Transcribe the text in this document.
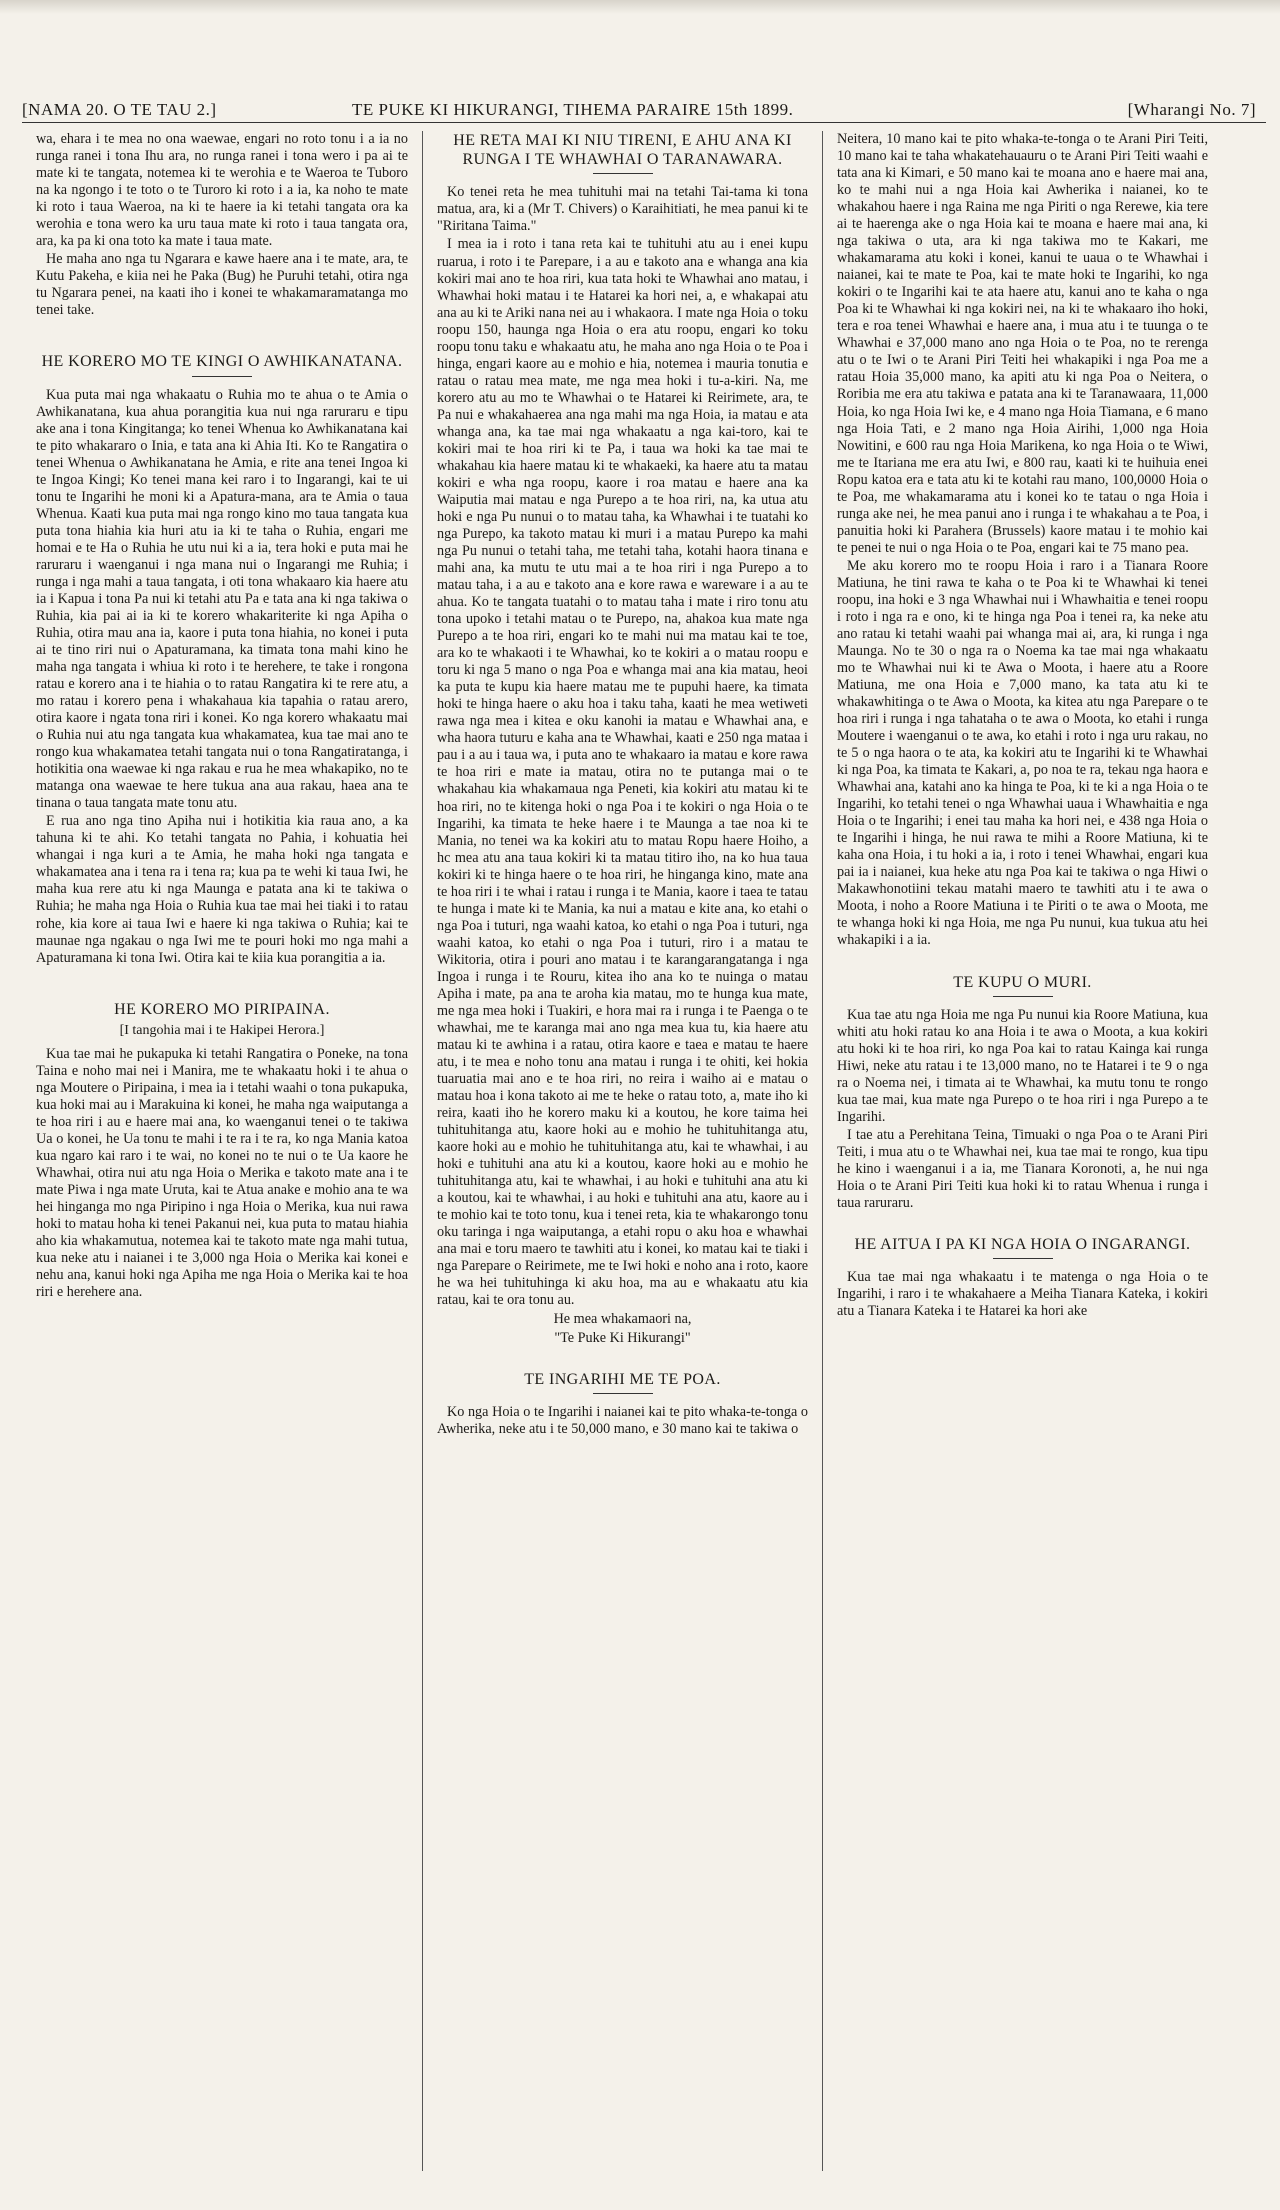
[NAMA 20. O TE TAU 2.]	TE PUKE KI HIKURANGI, TIHEMA PARAIRE 15th 1899.	[Wharangi No. 7]

wa, ehara i te mea no ona waewae, engari no roto tonu i a ia no runga ranei i tona Ihu ara, no runga ranei i tona wero i pa ai te mate ki te tangata, notemea ki te werohia e te Waeroa te Tuboro na ka ngongo i te toto o te Turoro ki roto i a ia, ka noho te mate ki roto i taua Waeroa, na ki te haere ia ki tetahi tangata ora ka werohia e tona wero ka uru taua mate ki roto i taua tangata ora, ara, ka pa ki ona toto ka mate i taua mate.

He maha ano nga tu Ngarara e kawe haere ana i te mate, ara, te Kutu Pakeha, e kiia nei he Paka (Bug) he Puruhi tetahi, otira nga tu Ngarara penei, na kaati iho i konei te whakamaramatanga mo tenei take.

HE KORERO MO TE KINGI O AWHIKANATANA.

Kua puta mai nga whakaatu o Ruhia mo te ahua o te Amia o Awhikanatana, kua ahua porangitia kua nui nga raruraru e tipu ake ana i tona Kingitanga; ko tenei Whenua ko Awhikanatana kai te pito whakararo o Inia, e tata ana ki Ahia Iti. Ko te Rangatira o tenei Whenua o Awhikanatana he Amia, e rite ana tenei Ingoa ki te Ingoa Kingi; Ko tenei mana kei raro i to Ingarangi, kai te ui tonu te Ingarihi he moni ki a Apatura-mana, ara te Amia o taua Whenua. Kaati kua puta mai nga rongo kino mo taua tangata kua puta tona hiahia kia huri atu ia ki te taha o Ruhia, engari me homai e te Ha o Ruhia he utu nui ki a ia, tera hoki e puta mai he raruraru i waenganui i nga mana nui o Ingarangi me Ruhia; i runga i nga mahi a taua tangata, i oti tona whakaaro kia haere atu ia i Kapua i tona Pa nui ki tetahi atu Pa e tata ana ki nga takiwa o Ruhia, kia pai ai ia ki te korero whakariterite ki nga Apiha o Ruhia, otira mau ana ia, kaore i puta tona hiahia, no konei i puta ai te tino riri nui o Apaturamana, ka timata tona mahi kino he maha nga tangata i whiua ki roto i te herehere, te take i rongona ratau e korero ana i te hiahia o to ratau Rangatira ki te rere atu, a mo ratau i korero pena i whakahaua kia tapahia o ratau arero, otira kaore i ngata tona riri i konei. Ko nga korero whakaatu mai o Ruhia nui atu nga tangata kua whakamatea, kua tae mai ano te rongo kua whakamatea tetahi tangata nui o tona Rangatiratanga, i hotikitia ona waewae ki nga rakau e rua he mea whakapiko, no te matanga ona waewae te here tukua ana aua rakau, haea ana te tinana o taua tangata mate tonu atu.

E rua ano nga tino Apiha nui i hotikitia kia raua ano, a ka tahuna ki te ahi. Ko tetahi tangata no Pahia, i kohuatia hei whangai i nga kuri a te Amia, he maha hoki nga tangata e whakamatea ana i tena ra i tena ra; kua pa te wehi ki taua Iwi, he maha kua rere atu ki nga Maunga e patata ana ki te takiwa o Ruhia; he maha nga Hoia o Ruhia kua tae mai hei tiaki i to ratau rohe, kia kore ai taua Iwi e haere ki nga takiwa o Ruhia; kai te maunae nga ngakau o nga Iwi me te pouri hoki mo nga mahi a Apaturamana ki tona Iwi. Otira kai te kiia kua porangitia a ia.

HE KORERO MO PIRIPAINA.
[I tangohia mai i te Hakipei Herora.]

Kua tae mai he pukapuka ki tetahi Rangatira o Poneke, na tona Taina e noho mai nei i Manira, me te whakaatu hoki i te ahua o nga Moutere o Piripaina, i mea ia i tetahi waahi o tona pukapuka, kua hoki mai au i Marakuina ki konei, he maha nga waiputanga a te hoa riri i au e haere mai ana, ko waenganui tenei o te takiwa Ua o konei, he Ua tonu te mahi i te ra i te ra, ko nga Mania katoa kua ngaro kai raro i te wai, no konei no te nui o te Ua kaore he Whawhai, otira nui atu nga Hoia o Merika e takoto mate ana i te mate Piwa i nga mate Uruta, kai te Atua anake e mohio ana te wa hei hinganga mo nga Piripino i nga Hoia o Merika, kua nui rawa hoki to matau hoha ki tenei Pakanui nei, kua puta to matau hiahia aho kia whakamutua, notemea kai te takoto mate nga mahi tutua, kua neke atu i naianei i te 3,000 nga Hoia o Merika kai konei e nehu ana, kanui hoki nga Apiha me nga Hoia o Merika kai te hoa riri e herehere ana.

HE RETA MAI KI NIU TIRENI, E AHU ANA KI RUNGA I TE WHAWHAI O TARANAWARA.

Ko tenei reta he mea tuhituhi mai na tetahi Tai-tama ki tona matua, ara, ki a (Mr T. Chivers) o Karaihitiati, he mea panui ki te "Riritana Taima."

I mea ia i roto i tana reta kai te tuhituhi atu au i enei kupu ruarua, i roto i te Parepare, i a au e takoto ana e whanga ana kia kokiri mai ano te hoa riri, kua tata hoki te Whawhai ano matau, i Whawhai hoki matau i te Hatarei ka hori nei, a, e whakapai atu ana au ki te Ariki nana nei au i whakaora. I mate nga Hoia o toku roopu 150, haunga nga Hoia o era atu roopu, engari ko toku roopu tonu taku e whakaatu atu, he maha ano nga Hoia o te Poa i hinga, engari kaore au e mohio e hia, notemea i mauria tonutia e ratau o ratau mea mate, me nga mea hoki i tu-a-kiri. Na, me korero atu au mo te Whawhai o te Hatarei ki Reirimete, ara, te Pa nui e whakahaerea ana nga mahi ma nga Hoia, ia matau e ata whanga ana, ka tae mai nga whakaatu a nga kai-toro, kai te kokiri mai te hoa riri ki te Pa, i taua wa hoki ka tae mai te whakahau kia haere matau ki te whakaeki, ka haere atu ta matau kokiri e wha nga roopu, kaore i roa matau e haere ana ka Waiputia mai matau e nga Purepo a te hoa riri, na, ka utua atu hoki e nga Pu nunui o to matau taha, ka Whawhai i te tuatahi ko nga Purepo, ka takoto matau ki muri i a matau Purepo ka mahi nga Pu nunui o tetahi taha, me tetahi taha, kotahi haora tinana e mahi ana, ka mutu te utu mai a te hoa riri i nga Purepo a to matau taha, i a au e takoto ana e kore rawa e wareware i a au te ahua. Ko te tangata tuatahi o to matau taha i mate i riro tonu atu tona upoko i tetahi matau o te Purepo, na, ahakoa kua mate nga Purepo a te hoa riri, engari ko te mahi nui ma matau kai te toe, ara ko te whakaoti i te Whawhai, ko te kokiri a o matau roopu e toru ki nga 5 mano o nga Poa e whanga mai ana kia matau, heoi ka puta te kupu kia haere matau me te pupuhi haere, ka timata hoki te hinga haere o aku hoa i taku taha, kaati he mea wetiweti rawa nga mea i kitea e oku kanohi ia matau e Whawhai ana, e wha haora tuturu e kaha ana te Whawhai, kaati e 250 nga mataa i pau i a au i taua wa, i puta ano te whakaaro ia matau e kore rawa te hoa riri e mate ia matau, otira no te putanga mai o te whakahau kia whakamaua nga Peneti, kia kokiri atu matau ki te hoa riri, no te kitenga hoki o nga Poa i te kokiri o nga Hoia o te Ingarihi, ka timata te heke haere i te Maunga a tae noa ki te Mania, no tenei wa ka kokiri atu to matau Ropu haere Hoiho, a hc mea atu ana taua kokiri ki ta matau titiro iho, na ko hua taua kokiri ki te hinga haere o te hoa riri, he hinganga kino, mate ana te hoa riri i te whai i ratau i runga i te Mania, kaore i taea te tatau te hunga i mate ki te Mania, ka nui a matau e kite ana, ko etahi o nga Poa i tuturi, nga waahi katoa, ko etahi o nga Poa i tuturi, nga waahi katoa, ko etahi o nga Poa i tuturi, riro i a matau te Wikitoria, otira i pouri ano matau i te karangarangatanga i nga Ingoa i runga i te Rouru, kitea iho ana ko te nuinga o matau Apiha i mate, pa ana te aroha kia matau, mo te hunga kua mate, me nga mea hoki i Tuakiri, e hora mai ra i runga i te Paenga o te whawhai, me te karanga mai ano nga mea kua tu, kia haere atu matau ki te awhina i a ratau, otira kaore e taea e matau te haere atu, i te mea e noho tonu ana matau i runga i te ohiti, kei hokia tuaruatia mai ano e te hoa riri, no reira i waiho ai e matau o matau hoa i kona takoto ai me te heke o ratau toto, a, mate iho ki reira, kaati iho he korero maku ki a koutou, he kore taima hei tuhituhitanga atu, kaore hoki au e mohio he tuhituhitanga atu, kaore hoki au e mohio he tuhituhitanga atu, kai te whawhai, i au hoki e tuhituhi ana atu ki a koutou, kaore hoki au e mohio he tuhituhitanga atu, kai te whawhai, i au hoki e tuhituhi ana atu ki a koutou, kai te whawhai, i au hoki e tuhituhi ana atu, kaore au i te mohio kai te toto tonu, kua i tenei reta, kia te whakarongo tonu oku taringa i nga waiputanga, a etahi ropu o aku hoa e whawhai ana mai e toru maero te tawhiti atu i konei, ko matau kai te tiaki i nga Parepare o Reirimete, me te Iwi hoki e noho ana i roto, kaore he wa hei tuhituhinga ki aku hoa, ma au e whakaatu atu kia ratau, kai te ora tonu au.

He mea whakamaori na,

"Te Puke Ki Hikurangi"

TE INGARIHI ME TE POA.

Ko nga Hoia o te Ingarihi i naianei kai te pito whaka-te-tonga o Awherika, neke atu i te 50,000 mano, e 30 mano kai te takiwa o

Neitera, 10 mano kai te pito whaka-te-tonga o te Arani Piri Teiti, 10 mano kai te taha whakatehauauru o te Arani Piri Teiti waahi e tata ana ki Kimari, e 50 mano kai te moana ano e haere mai ana, ko te mahi nui a nga Hoia kai Awherika i naianei, ko te whakahou haere i nga Raina me nga Piriti o nga Rerewe, kia tere ai te haerenga ake o nga Hoia kai te moana e haere mai ana, ki nga takiwa o uta, ara ki nga takiwa mo te Kakari, me whakamarama atu koki i konei, kanui te uaua o te Whawhai i naianei, kai te mate te Poa, kai te mate hoki te Ingarihi, ko nga kokiri o te Ingarihi kai te ata haere atu, kanui ano te kaha o nga Poa ki te Whawhai ki nga kokiri nei, na ki te whakaaro iho hoki, tera e roa tenei Whawhai e haere ana, i mua atu i te tuunga o te Whawhai e 37,000 mano ano nga Hoia o te Poa, no te rerenga atu o te Iwi o te Arani Piri Teiti hei whakapiki i nga Poa me a ratau Hoia 35,000 mano, ka apiti atu ki nga Poa o Neitera, o Roribia me era atu takiwa e patata ana ki te Taranawaara, 11,000 Hoia, ko nga Hoia Iwi ke, e 4 mano nga Hoia Tiamana, e 6 mano nga Hoia Tati, e 2 mano nga Hoia Airihi, 1,000 nga Hoia Nowitini, e 600 rau nga Hoia Marikena, ko nga Hoia o te Wiwi, me te Itariana me era atu Iwi, e 800 rau, kaati ki te huihuia enei Ropu katoa era e tata atu ki te kotahi rau mano, 100,0000 Hoia o te Poa, me whakamarama atu i konei ko te tatau o nga Hoia i runga ake nei, he mea panui ano i runga i te whakahau a te Poa, i panuitia hoki ki Parahera (Brussels) kaore matau i te mohio kai te penei te nui o nga Hoia o te Poa, engari kai te 75 mano pea.

Me aku korero mo te roopu Hoia i raro i a Tianara Roore Matiuna, he tini rawa te kaha o te Poa ki te Whawhai ki tenei roopu, ina hoki e 3 nga Whawhai nui i Whawhaitia e tenei roopu i roto i nga ra e ono, ki te hinga nga Poa i tenei ra, ka neke atu ano ratau ki tetahi waahi pai whanga mai ai, ara, ki runga i nga Maunga. No te 30 o nga ra o Noema ka tae mai nga whakaatu mo te Whawhai nui ki te Awa o Moota, i haere atu a Roore Matiuna, me ona Hoia e 7,000 mano, ka tata atu ki te whakawhitinga o te Awa o Moota, ka kitea atu nga Parepare o te hoa riri i runga i nga tahataha o te awa o Moota, ko etahi i runga Moutere i waenganui o te awa, ko etahi i roto i nga uru rakau, no te 5 o nga haora o te ata, ka kokiri atu te Ingarihi ki te Whawhai ki nga Poa, ka timata te Kakari, a, po noa te ra, tekau nga haora e Whawhai ana, katahi ano ka hinga te Poa, ki te ki a nga Hoia o te Ingarihi, ko tetahi tenei o nga Whawhai uaua i Whawhaitia e nga Hoia o te Ingarihi; i enei tau maha ka hori nei, e 438 nga Hoia o te Ingarihi i hinga, he nui rawa te mihi a Roore Matiuna, ki te kaha ona Hoia, i tu hoki a ia, i roto i tenei Whawhai, engari kua pai ia i naianei, kua heke atu nga Poa kai te takiwa o nga Hiwi o Makawhonotiini tekau matahi maero te tawhiti atu i te awa o Moota, i noho a Roore Matiuna i te Piriti o te awa o Moota, me te whanga hoki ki nga Hoia, me nga Pu nunui, kua tukua atu hei whakapiki i a ia.

TE KUPU O MURI.

Kua tae atu nga Hoia me nga Pu nunui kia Roore Matiuna, kua whiti atu hoki ratau ko ana Hoia i te awa o Moota, a kua kokiri atu hoki ki te hoa riri, ko nga Poa kai to ratau Kainga kai runga Hiwi, neke atu ratau i te 13,000 mano, no te Hatarei i te 9 o nga ra o Noema nei, i timata ai te Whawhai, ka mutu tonu te rongo kua tae mai, kua mate nga Purepo o te hoa riri i nga Purepo a te Ingarihi.

I tae atu a Perehitana Teina, Timuaki o nga Poa o te Arani Piri Teiti, i mua atu o te Whawhai nei, kua tae mai te rongo, kua tipu he kino i waenganui i a ia, me Tianara Koronoti, a, he nui nga Hoia o te Arani Piri Teiti kua hoki ki to ratau Whenua i runga i taua raruraru.

HE AITUA I PA KI NGA HOIA O INGARANGI.

Kua tae mai nga whakaatu i te matenga o nga Hoia o te Ingarihi, i raro i te whakahaere a Meiha Tianara Kateka, i kokiri atu a Tianara Kateka i te Hatarei ka hori ake
